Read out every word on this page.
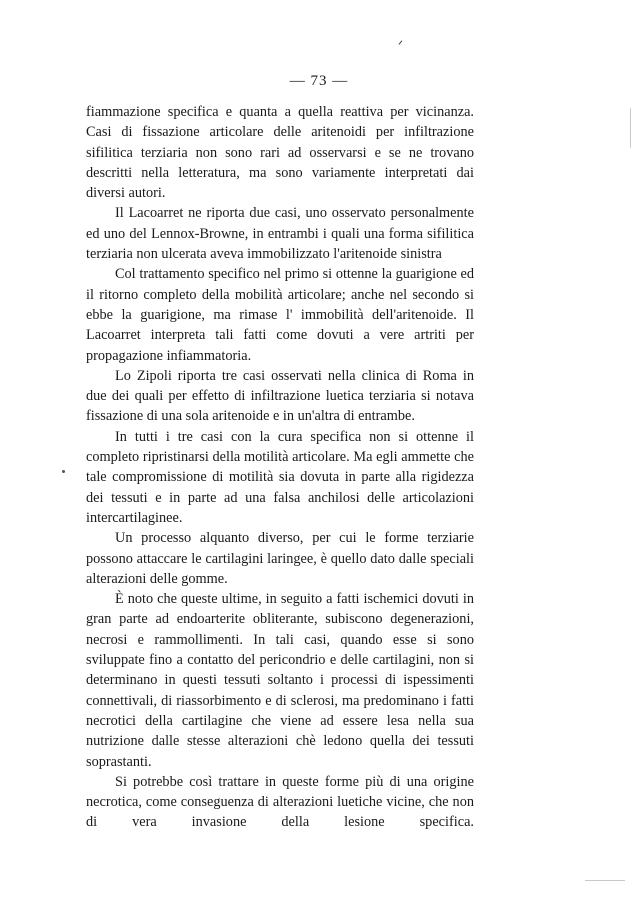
ᐟ
— 73 —

fiammazione specifica e quanta a quella reattiva per vicinanza. Casi di fissazione articolare delle aritenoidi per infiltrazione sifilitica terziaria non sono rari ad osservarsi e se ne trovano descritti nella letteratura, ma sono variamente interpretati dai diversi autori.

Il Lacoarret ne riporta due casi, uno osservato personalmente ed uno del Lennox-Browne, in entrambi i quali una forma sifilitica terziaria non ulcerata aveva immobilizzato l'aritenoide sinistra

Col trattamento specifico nel primo si ottenne la guarigione ed il ritorno completo della mobilità articolare; anche nel secondo si ebbe la guarigione, ma rimase l' immobilità dell'aritenoide. Il Lacoarret interpreta tali fatti come dovuti a vere artriti per propagazione infiammatoria.

Lo Zipoli riporta tre casi osservati nella clinica di Roma in due dei quali per effetto di infiltrazione luetica terziaria si notava fissazione di una sola aritenoide e in un'altra di entrambe.

In tutti i tre casi con la cura specifica non si ottenne il completo ripristinarsi della motilità articolare. Ma egli ammette che tale compromissione di motilità sia dovuta in parte alla rigidezza dei tessuti e in parte ad una falsa anchilosi delle articolazioni intercartilaginee.

Un processo alquanto diverso, per cui le forme terziarie possono attaccare le cartilagini laringee, è quello dato dalle speciali alterazioni delle gomme.

È noto che queste ultime, in seguito a fatti ischemici dovuti in gran parte ad endoarterite obliterante, subiscono degenerazioni, necrosi e rammollimenti. In tali casi, quando esse si sono sviluppate fino a contatto del pericondrio e delle cartilagini, non si determinano in questi tessuti soltanto i processi di ispessimenti connettivali, di riassorbimento e di sclerosi, ma predominano i fatti necrotici della cartilagine che viene ad essere lesa nella sua nutrizione dalle stesse alterazioni chè ledono quella dei tessuti soprastanti.

Si potrebbe così trattare in queste forme più di una origine necrotica, come conseguenza di alterazioni luetiche vicine, che non di vera invasione della lesione specifica.
